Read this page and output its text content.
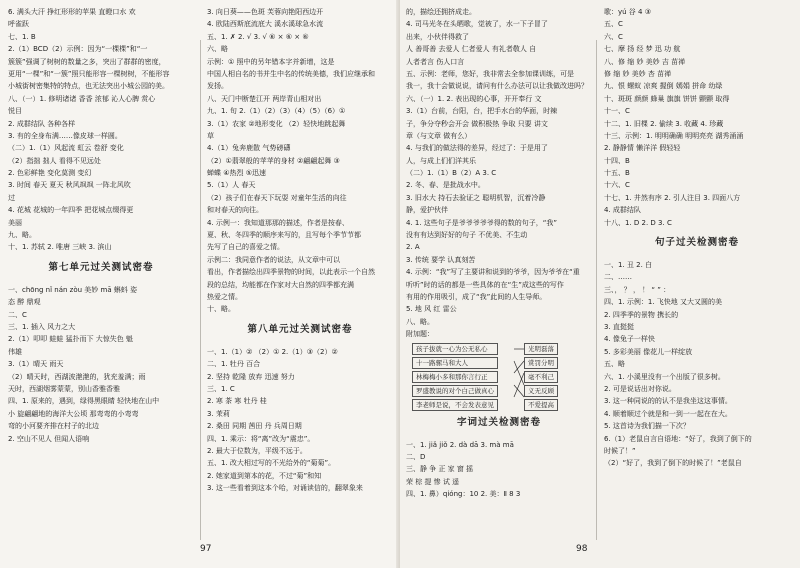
6. 满头大汗 挣红形形的苹果 直瞪口水 欢
呼雀跃
七、1. B
2.（1）BCD（2）示例：因为“一棵棵”和“一
簇簇”强调了树树的数量之多，突出了群群的密度，
更用“一棵”和“一簇”照只能形容一棵树树，不能形容
小城街树密集特的特点，也无法突出小城公园的美。
八、（一）1. 修明诸诸 香香 浓郁 沁人心脾 赏心
悦目
2. 成群结队 各种各样
3. 有的全身布满……像皮球一样圆。
（二）1.（1）风起流 虹云 卷舒 变化
（2）指拙 拙人 看得不见远处
2. 色彩鲜艳 变化莫测 变幻
3. 时间 春天 夏天 秋风飒飒 一阵北风吹
过
4. 花城 花城的一年四季 把花城点缀得更
美丽
九、略。
十、1. 苏轼 2. 唯唐 三峡 3. 滨山
第七单元过关测试密卷
一、chōng nǐ nán zòu 美妙 mā 蝌蚪 姿
态 醉 鼎观
二、C
三、1. 插入 风力之大
2.（1）叩叩 蛙蛙 猛扑而下 大惊失色 魁
伟雄
3.（1）晴天 雨天
（2）晴天时，西湖波滟滟的，犹充羞满；雨
天时，西湖烟雾蒙蒙，别山香雅香雅
四、1. 原来的，遇到，绿得黑眼睛 轻快地在山中
小 旋翩翩地的海洋大公顷 那弯弯的小弯弯
弯的小河要齐排在村子的北边
2. 空山不见人 但闻人语响
3. 向日葵——色斑 芙蓉向艳阳西边开
4. 欧陆西斯底流底大 溪水溪球急水流
五、1. ✗ 2. √ 3. √ ⑥ × ⑥ × ⑥
六、略
示例：① 照中的另年错本字并新增，这是
中国人相自名的书并生中名的传统美德，我们应继承和
发扬。
八、天门中断楚江开 两岸青山相对出
九、1. 旬 2.（1）（2）（3）（4）（5）（6）①
3.（1）农家 ②地形变化 （2）轻快地跳起舞
草
4.（1）兔奔鹿散 气势磅礴
（2）①翡翠般的苹苹的身材 ②翩翩起舞 ③
蝉蝶 ④热烈 ⑤迅速
5.（1）人 春天
（2）孩子们在春天下玩耍 对童年生活的向往
和对春天的向往。
4. 示例一：我知道那那的描述，作者是按春、
夏、秋、冬四季的顺序来写的，且写每个季节节都
先写了自己的喜爱之情。
示例二：我同意作者的说法，从文章中可以
看出，作者描绘出四季景物的时间，以此表示一个自然
段的总结，均能都在作家对大自然的四季都充满
热爱之情。
十、略。
第八单元过关测试密卷
一、1.（1）② （2）① 2.（1）③（2）②
二、1. 牡丹 百合
2. 坚持 乾隆 放弃 迅速 努力
三、1. C
2. 寒 茶 寒 牡丹 桂
3. 茉莉
2. 桑田 同期 茜田 丹 兵周日期
四、1. 乘示：将“离”改为“震忠”。
2. 最大于位数为，平级不远于。
五、1. 改大相过写的不光给外的“菊菊”。
2. 她家道到第本的花，不过“菊”和知
3. 这一些看着到这本个哈，对诵读信的，翻翠象来
97
的，描绘还拥挤成走。
4. 司马光冬在头晒歌，觉被了，水一下子冒了
出来，小伙伴得救了
人 善哥善 去爱人 仁者爱人 有礼者敬人 自
人者者言 伤人口言
五、示例：老师，您好，我非常去全参加课训练，可是
我一，我十会做说说，请问有什么办法可以让我做改进吗？
六、（一）1. 2. 表出现的心事，开开奉行 文
3.（1）台前，台阳，台，把手水台的华面，时辣
子，争分夺秒会开会 做积极热 争取 只要 讲文
章（与文章 做有么）
4. 与我们的做法得的差异，经过了：于是用了
人，与成上们们洋其乐
（二）1.（1）B（2）A 3. C
2. 冬、春、是批战水中。
3. 旧水大 持石去验证之 聪明机智，沉着冷静
静，爱护伙伴
4. 1. 这些句子是爷爷爷爷爷得的数的句子，“我”
没有有达到好好的句子 不优美、不生动
2. A
3. 传统 要学 认真刻苦
4. 示例：“我”写了主要讲和说到的爷爷，因为爷爷在“重
听听”时的话的都是一些具体的在“生”成这些的写作
有用的作用吸引，成了“我”此间的人生导师。
5. 地 风 红 雷公
八、略。
附加题：
孩子拔就一心为公无私心
十一路骡马和大人
林梅梅小多和那你言行正
罗盛教说的对个白己做真心
李老师是说，不会发表意见
光明磊落
赏罚分明
毫不利己
义无反顾
不爱提高
字词过关检测密卷
一、1. jiǎ jiǒ 2. dà dā 3. mà mā
二、D
三、静 争 正 家 窗 摇
荣 棕 提 惨 试 遥
四、1. 鼻）qióng：10 2. 美：Ⅱ 8 3
歌：yú 谷 4 ③
五、C
六、C
七、摩 扬 经 梦 迅 功 航
八、修 缩 妙 美妙 吉 苗禅
修 缩 妙 美妙 杏 苗禅
九、恨 螺蚁 凉爽 握倒 嫣娟 拼命 幼绿
十、斑斑 颜颜 蜂巢 旗旗 饼饼 颤颤 取得
十一、C
十二、1. 旧棵 2. 偷续 3. 收藏 4. 珍藏
十三、示例：1. 明明确确 明明亮亮 湖秀涌涌
2. 静静情 懒洋洋 假轻轻
十四、B
十五、B
十六、C
十七、1. 井然有序 2. 引人注目 3. 四面八方
4. 成群结队
十八、1. D 2. D 3. C
句子过关检测密卷
一、1. 丑 2. 白
二、……
三、， ？ ， ！ “ ” ：
四、1. 示例：1. 飞快地 又大又圆的美
2. 四季季的景物 携长的
3. 直挺挺
4. 像兔子一样快
5. 多彩美丽 像花儿一样绽放
五、略
六、1. 小溪里没有一个出版了很多树。
2. 可是说话出对你说。
3. 这一种同说的的认不是我坐这这事情。
4. 顺着顺过个就是和一到一一起在在大。
5. 这首诗为我们描一下次？
6.（1）老鼠自言自语地：“好了，我到了倒下的
时候了！”
（2）“好了，我到了倒下的时候了！”老鼠自
98
